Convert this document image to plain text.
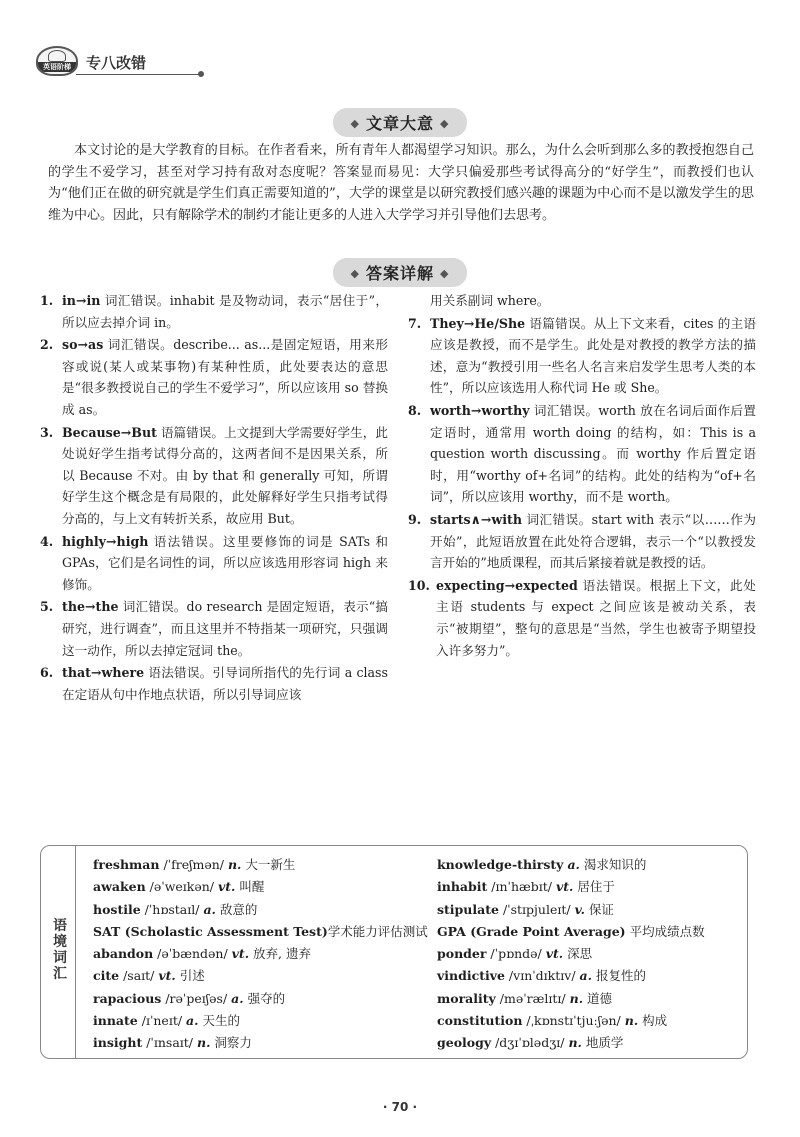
英语阶梯	专八改错
◆ 文章大意 ◆

本文讨论的是大学教育的目标。在作者看来，所有青年人都渴望学习知识。那么，为什么会听到那么多的教授抱怨自己的学生不爱学习，甚至对学习持有敌对态度呢？答案显而易见：大学只偏爱那些考试得高分的“好学生”，而教授们也认为“他们正在做的研究就是学生们真正需要知道的”，大学的课堂是以研究教授们感兴趣的课题为中心而不是以激发学生的思维为中心。因此，只有解除学术的制约才能让更多的人进入大学学习并引导他们去思考。

◆ 答案详解 ◆
1. in→in 词汇错误。inhabit 是及物动词，表示“居住于”，所以应去掉介词 in。
2. so→as 词汇错误。describe... as...是固定短语，用来形容或说(某人或某事物)有某种性质，此处要表达的意思是“很多教授说自己的学生不爱学习”，所以应该用 so 替换成 as。
3. Because→But 语篇错误。上文提到大学需要好学生，此处说好学生指考试得分高的，这两者间不是因果关系，所以 Because 不对。由 by that 和 generally 可知，所谓好学生这个概念是有局限的，此处解释好学生只指考试得分高的，与上文有转折关系，故应用 But。
4. highly→high 语法错误。这里要修饰的词是 SATs 和 GPAs，它们是名词性的词，所以应该选用形容词 high 来修饰。
5. the→the 词汇错误。do research 是固定短语，表示“搞研究，进行调查”，而且这里并不特指某一项研究，只强调这一动作，所以去掉定冠词 the。
6. that→where 语法错误。引导词所指代的先行词 a class 在定语从句中作地点状语，所以引导词应该
用关系副词 where。
7. They→He/She 语篇错误。从上下文来看，cites 的主语应该是教授，而不是学生。此处是对教授的教学方法的描述，意为“教授引用一些名人名言来启发学生思考人类的本性”，所以应该选用人称代词 He 或 She。
8. worth→worthy 词汇错误。worth 放在名词后面作后置定语时，通常用 worth doing 的结构，如：This is a question worth discussing。而 worthy 作后置定语时，用“worthy of+名词”的结构。此处的结构为“of+名词”，所以应该用 worthy，而不是 worth。
9. starts∧→with 词汇错误。start with 表示“以……作为开始”，此短语放置在此处符合逻辑，表示一个“以教授发言开始的”地质课程，而其后紧接着就是教授的话。
10. expecting→expected 语法错误。根据上下文，此处主语 students 与 expect 之间应该是被动关系，表示“被期望”，整句的意思是“当然，学生也被寄予期望投入许多努力”。
语境词汇
freshman /ˈfreʃmən/ n. 大一新生
awaken /əˈweɪkən/ vt. 叫醒
hostile /ˈhɒstaɪl/ a. 敌意的
SAT (Scholastic Assessment Test)学术能力评估测试
abandon /əˈbændən/ vt. 放弃, 遗弃
cite /saɪt/ vt. 引述
rapacious /rəˈpeɪʃəs/ a. 强夺的
innate /ɪˈneɪt/ a. 天生的
insight /ˈɪnsaɪt/ n. 洞察力
knowledge-thirsty a. 渴求知识的
inhabit /ɪnˈhæbɪt/ vt. 居住于
stipulate /ˈstɪpjuleɪt/ v. 保证
GPA (Grade Point Average) 平均成绩点数
ponder /ˈpɒndə/ vt. 深思
vindictive /vɪnˈdɪktɪv/ a. 报复性的
morality /məˈrælɪtɪ/ n. 道德
constitution /ˌkɒnstɪˈtjuːʃən/ n. 构成
geology /dʒɪˈɒlədʒɪ/ n. 地质学
· 70 ·
